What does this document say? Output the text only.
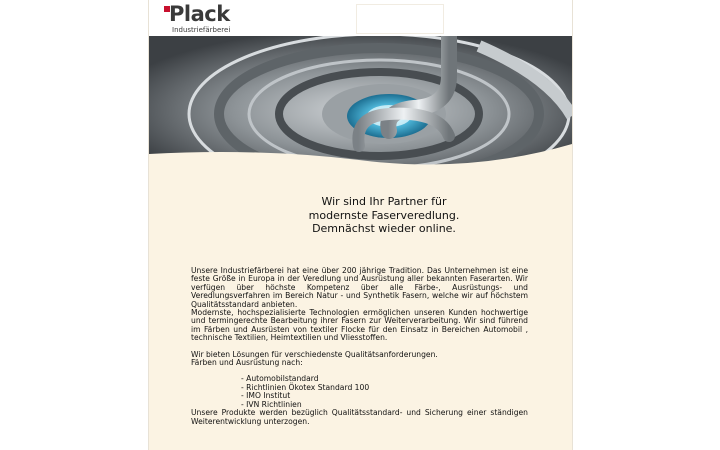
Plack
Industriefärberei
Wir sind Ihr Partner für
modernste Faserveredlung.
Demnächst wieder online.

Unsere Industriefärberei hat eine über 200 jährige Tradition. Das Unternehmen ist eine feste Größe in Europa in der Veredlung und Ausrüstung aller bekannten Faserarten. Wir verfügen über höchste Kompetenz über alle Färbe-, Ausrüstungs- und Veredlungsverfahren im Bereich Natur - und Synthetik Fasern, welche wir auf höchstem Qualitätsstandard anbieten.

Modernste, hochspezialisierte Technologien ermöglichen unseren Kunden hochwertige und termingerechte Bearbeitung ihrer Fasern zur Weiterverarbeitung. Wir sind führend im Färben und Ausrüsten von textiler Flocke für den Einsatz in Bereichen Automobil , technische Textilien, Heimtextilien und Vliesstoffen.

Wir bieten Lösungen für verschiedenste Qualitätsanforderungen.

Färben und Ausrüstung nach:

- Automobilstandard
- Richtlinien Ökotex Standard 100
- IMO Institut
- IVN Richtlinien

Unsere Produkte werden bezüglich Qualitätsstandard- und Sicherung einer ständigen Weiterentwicklung unterzogen.
